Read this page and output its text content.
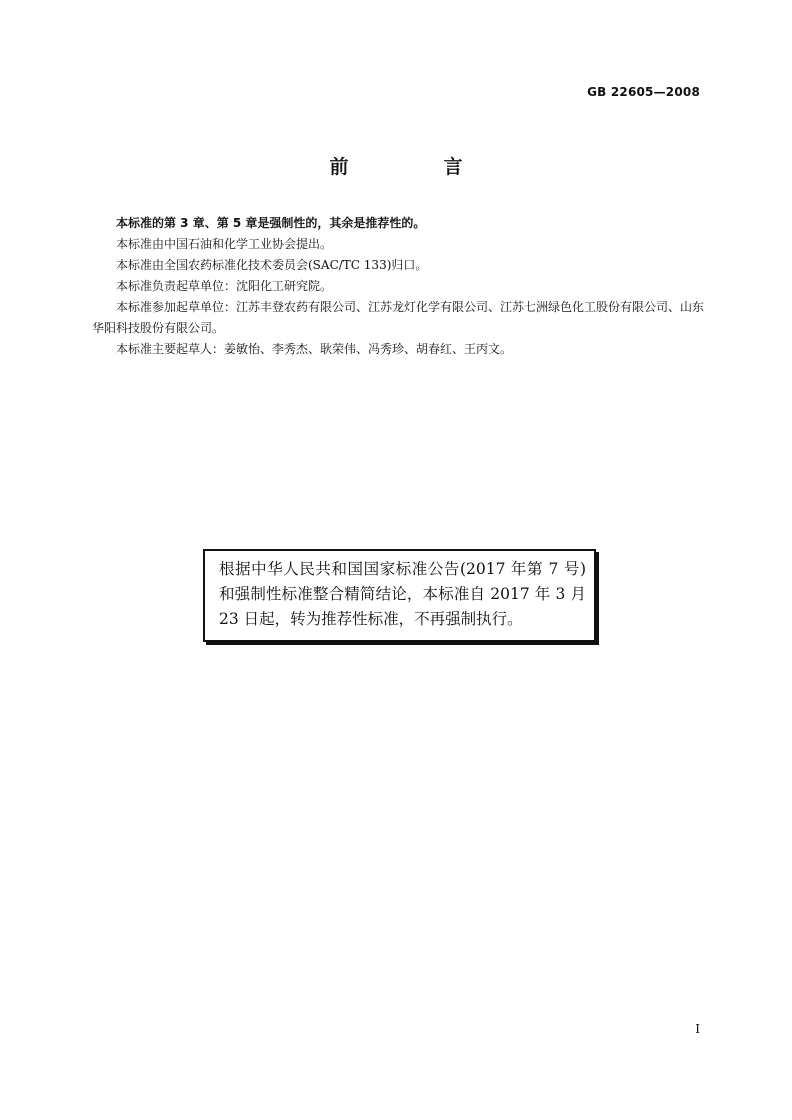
GB 22605—2008
前　言

本标准的第 3 章、第 5 章是强制性的，其余是推荐性的。

本标准由中国石油和化学工业协会提出。

本标准由全国农药标准化技术委员会(SAC/TC 133)归口。

本标准负责起草单位：沈阳化工研究院。

本标准参加起草单位：江苏丰登农药有限公司、江苏龙灯化学有限公司、江苏七洲绿色化工股份有限公司、山东华阳科技股份有限公司。

本标准主要起草人：姜敏怡、李秀杰、耿荣伟、冯秀珍、胡春红、王丙文。

根据中华人民共和国国家标准公告(2017 年第 7 号)和强制性标准整合精简结论，本标准自 2017 年 3 月 23 日起，转为推荐性标准，不再强制执行。
I
